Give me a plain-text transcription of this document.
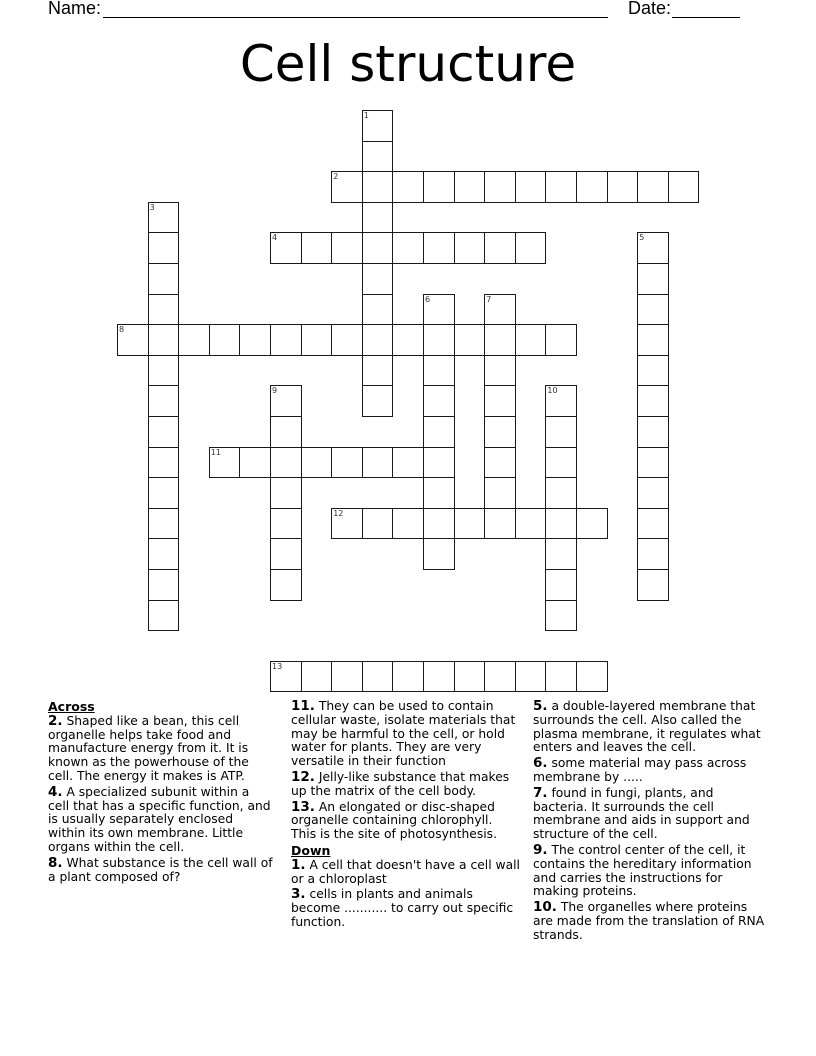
Name:	Date:
Cell structure
1
2
3
4	5
6	7
8
9	10
11
12
13
Across
2. Shaped like a bean, this cell organelle helps take food and manufacture energy from it. It is known as the powerhouse of the cell. The energy it makes is ATP.
4. A specialized subunit within a cell that has a specific function, and is usually separately enclosed within its own membrane. Little organs within the cell.
8. What substance is the cell wall of a plant composed of?
11. They can be used to contain cellular waste, isolate materials that may be harmful to the cell, or hold water for plants. They are very versatile in their function
12. Jelly-like substance that makes up the matrix of the cell body.
13. An elongated or disc-shaped organelle containing chlorophyll. This is the site of photosynthesis.
Down
1. A cell that doesn't have a cell wall or a chloroplast
3. cells in plants and animals become ........... to carry out specific function.
5. a double-layered membrane that surrounds the cell. Also called the plasma membrane, it regulates what enters and leaves the cell.
6. some material may pass across membrane by .....
7. found in fungi, plants, and bacteria. It surrounds the cell membrane and aids in support and structure of the cell.
9. The control center of the cell, it contains the hereditary information and carries the instructions for making proteins.
10. The organelles where proteins are made from the translation of RNA strands.
